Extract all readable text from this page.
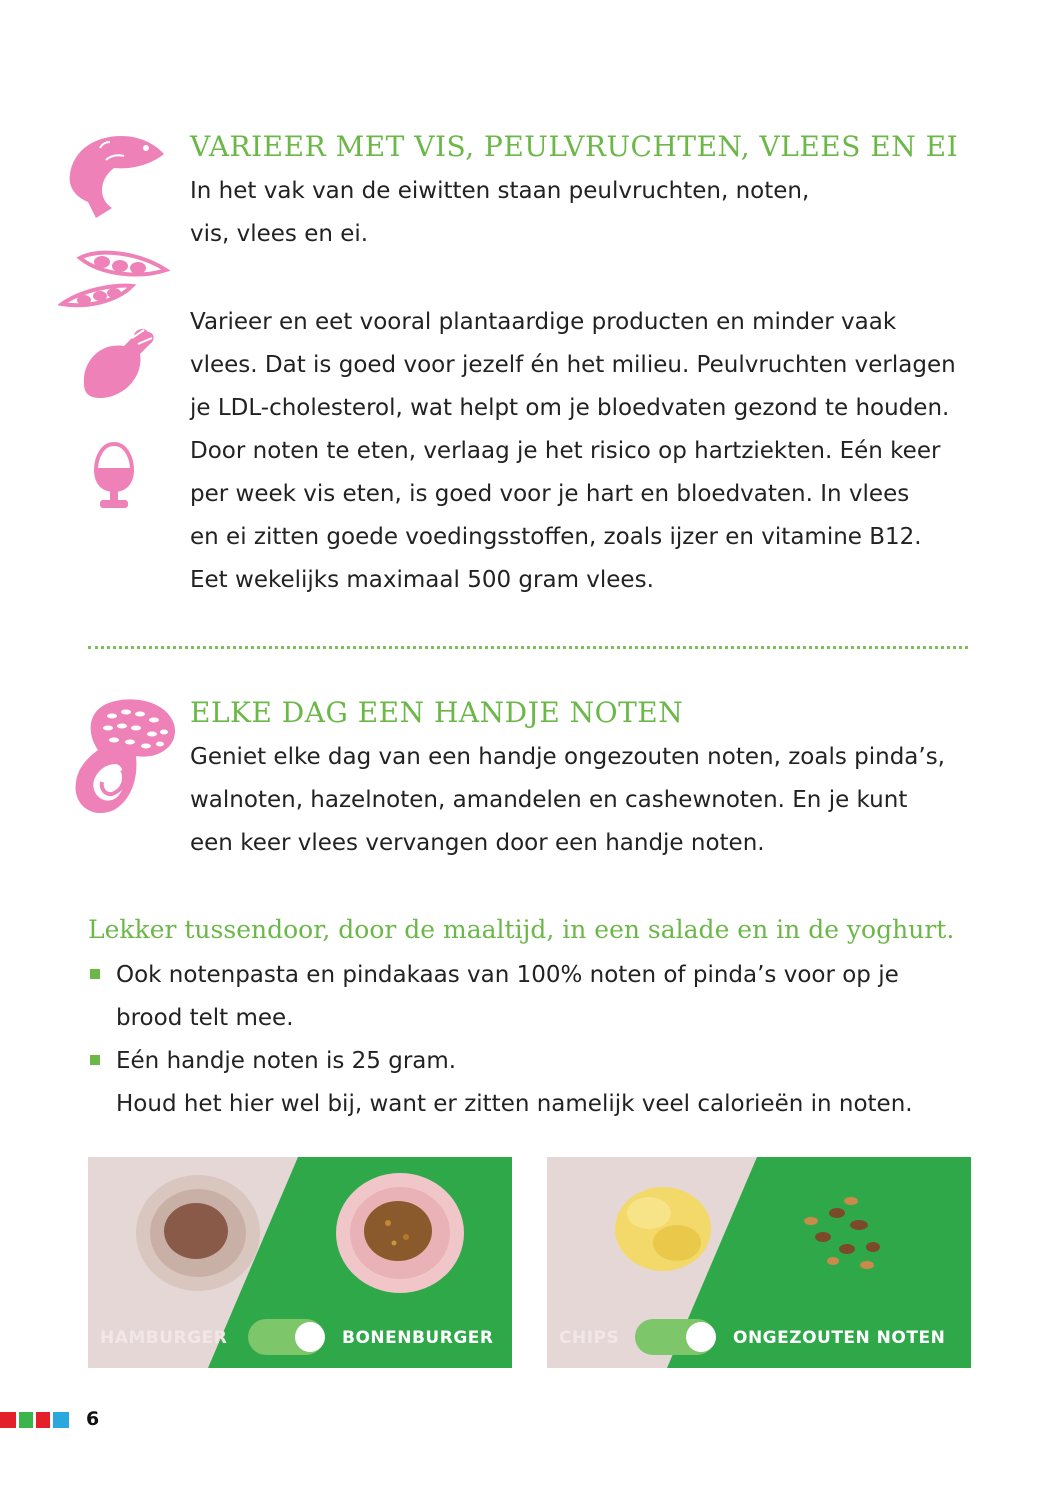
VARIEER MET VIS, PEULVRUCHTEN, VLEES EN EI

In het vak van de eiwitten staan peulvruchten, noten,

vis, vlees en ei.

Varieer en eet vooral plantaardige producten en minder vaak

vlees. Dat is goed voor jezelf én het milieu. Peulvruchten verlagen

je LDL-cholesterol, wat helpt om je bloedvaten gezond te houden.

Door noten te eten, verlaag je het risico op hartziekten. Eén keer

per week vis eten, is goed voor je hart en bloedvaten. In vlees

en ei zitten goede voedingsstoffen, zoals ijzer en vitamine B12.

Eet wekelijks maximaal 500 gram vlees.

ELKE DAG EEN HANDJE NOTEN

Geniet elke dag van een handje ongezouten noten, zoals pinda’s,

walnoten, hazelnoten, amandelen en cashewnoten. En je kunt

een keer vlees vervangen door een handje noten.

Lekker tussendoor, door de maaltijd, in een salade en in de yoghurt.
Ook notenpasta en pindakaas van 100% noten of pinda’s voor op je
brood telt mee.
Eén handje noten is 25 gram.
Houd het hier wel bij, want er zitten namelijk veel calorieën in noten.
HAMBURGER	BONENBURGER	CHIPS	ONGEZOUTEN NOTEN
6
